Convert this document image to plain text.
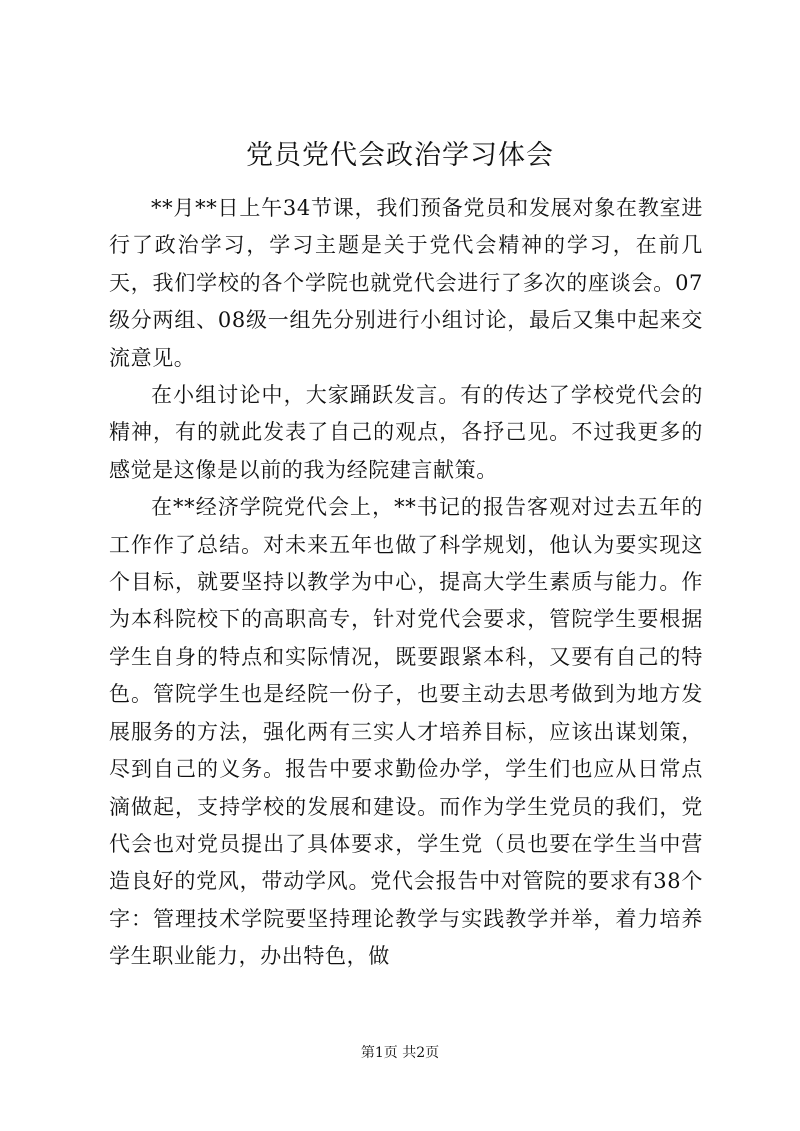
党员党代会政治学习体会

**月**日上午34节课，我们预备党员和发展对象在教室进行了政治学习，学习主题是关于党代会精神的学习，在前几天，我们学校的各个学院也就党代会进行了多次的座谈会。07级分两组、08级一组先分别进行小组讨论，最后又集中起来交流意见。

在小组讨论中，大家踊跃发言。有的传达了学校党代会的精神，有的就此发表了自己的观点，各抒己见。不过我更多的感觉是这像是以前的我为经院建言献策。

在**经济学院党代会上，**书记的报告客观对过去五年的工作作了总结。对未来五年也做了科学规划，他认为要实现这个目标，就要坚持以教学为中心，提高大学生素质与能力。作为本科院校下的高职高专，针对党代会要求，管院学生要根据学生自身的特点和实际情况，既要跟紧本科，又要有自己的特色。管院学生也是经院一份子，也要主动去思考做到为地方发展服务的方法，强化两有三实人才培养目标，应该出谋划策，尽到自己的义务。报告中要求勤俭办学，学生们也应从日常点滴做起，支持学校的发展和建设。而作为学生党员的我们，党代会也对党员提出了具体要求，学生党（员也要在学生当中营造良好的党风，带动学风。党代会报告中对管院的要求有38个字：管理技术学院要坚持理论教学与实践教学并举，着力培养学生职业能力，办出特色，做

第1页 共2页
